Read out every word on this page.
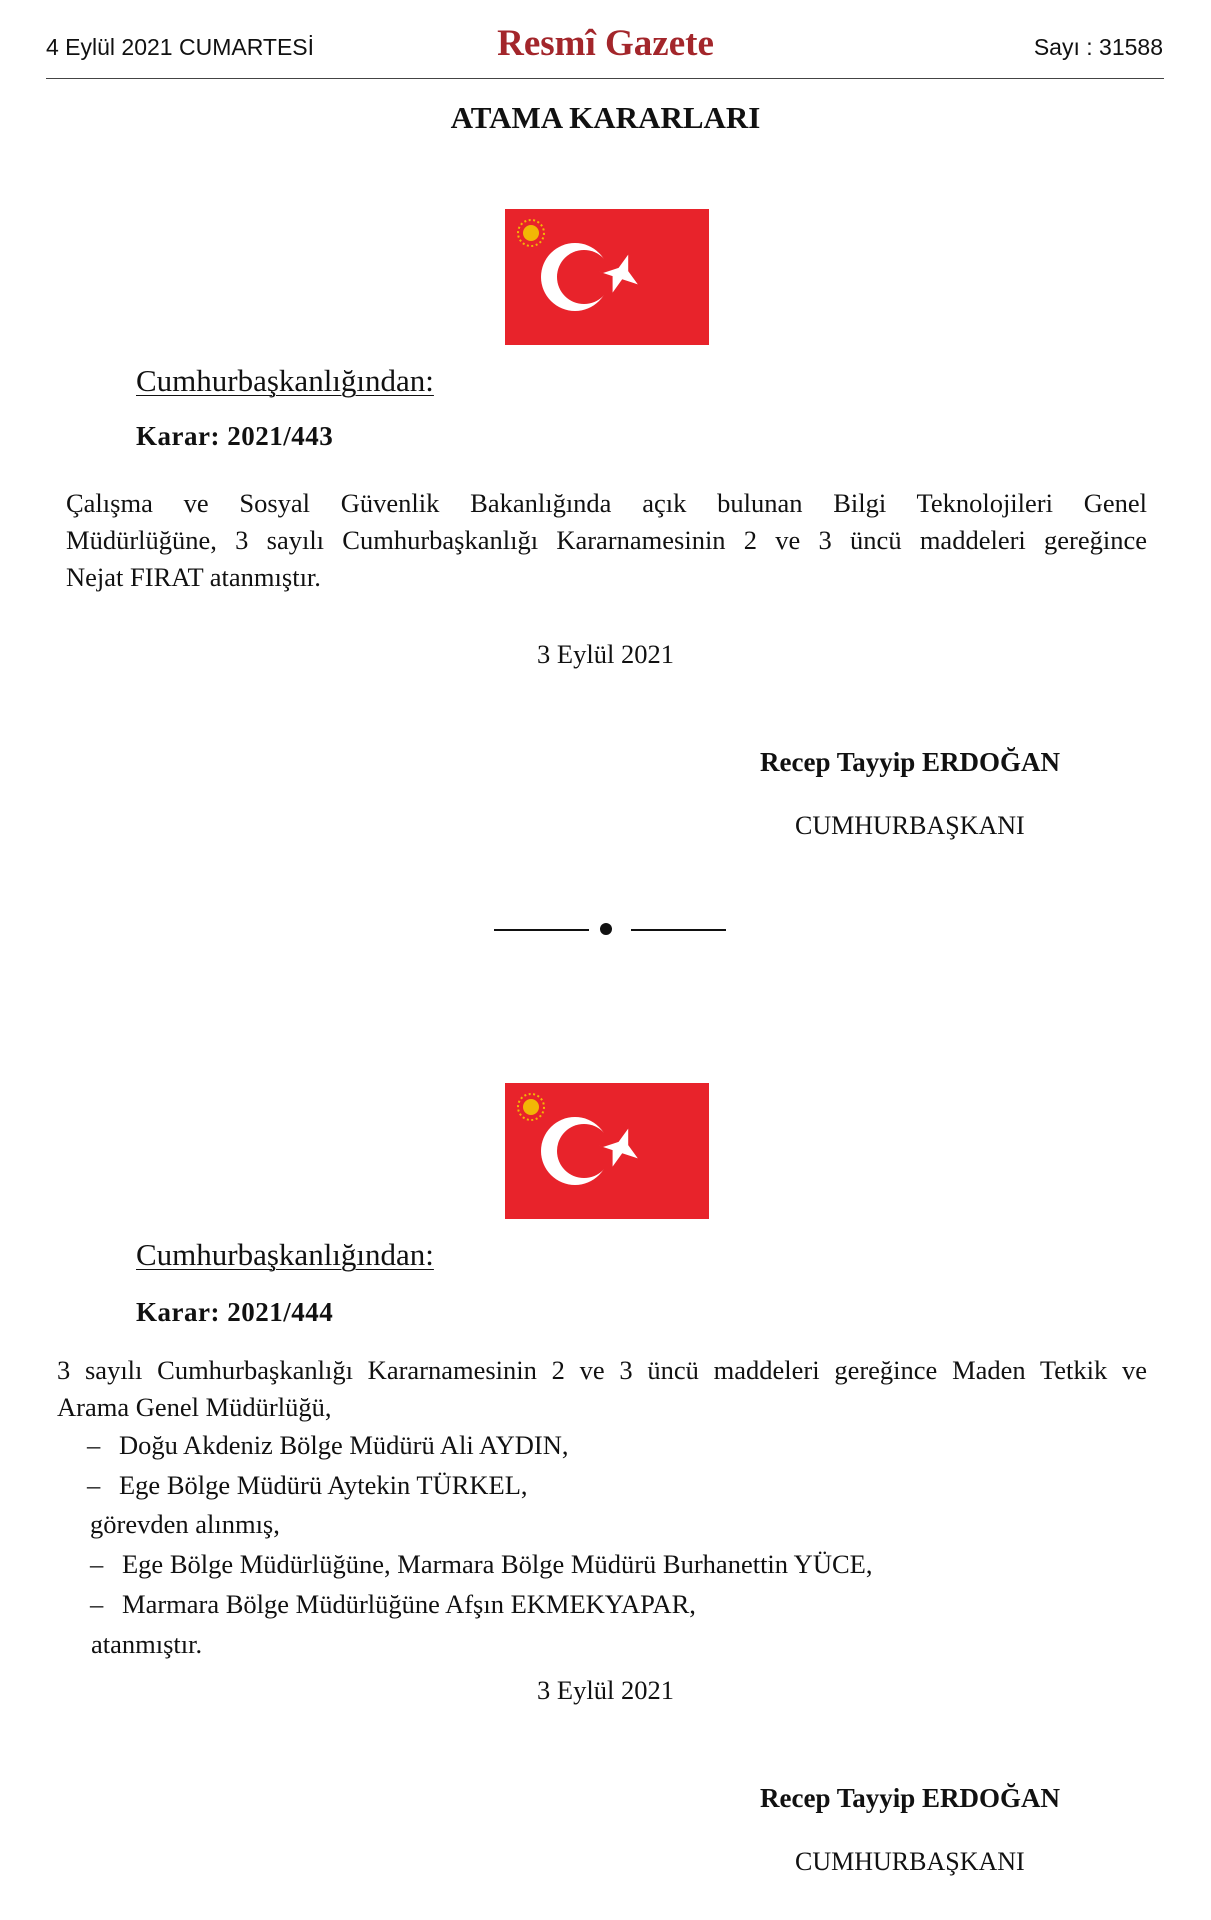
4 Eylül 2021 CUMARTESİ	Resmî Gazete	Sayı : 31588
ATAMA KARARLARI
Cumhurbaşkanlığından:
Karar: 2021/443
Çalışma ve Sosyal Güvenlik Bakanlığında açık bulunan Bilgi Teknolojileri Genel
Müdürlüğüne, 3 sayılı Cumhurbaşkanlığı Kararnamesinin 2 ve 3 üncü maddeleri gereğince
Nejat FIRAT atanmıştır.
3 Eylül 2021
Recep Tayyip ERDOĞAN
CUMHURBAŞKANI
Cumhurbaşkanlığından:
Karar: 2021/444
3 sayılı Cumhurbaşkanlığı Kararnamesinin 2 ve 3 üncü maddeleri gereğince Maden Tetkik ve
Arama Genel Müdürlüğü,
– Doğu Akdeniz Bölge Müdürü Ali AYDIN,
– Ege Bölge Müdürü Aytekin TÜRKEL,
görevden alınmış,
– Ege Bölge Müdürlüğüne, Marmara Bölge Müdürü Burhanettin YÜCE,
– Marmara Bölge Müdürlüğüne Afşın EKMEKYAPAR,
atanmıştır.
3 Eylül 2021
Recep Tayyip ERDOĞAN
CUMHURBAŞKANI
